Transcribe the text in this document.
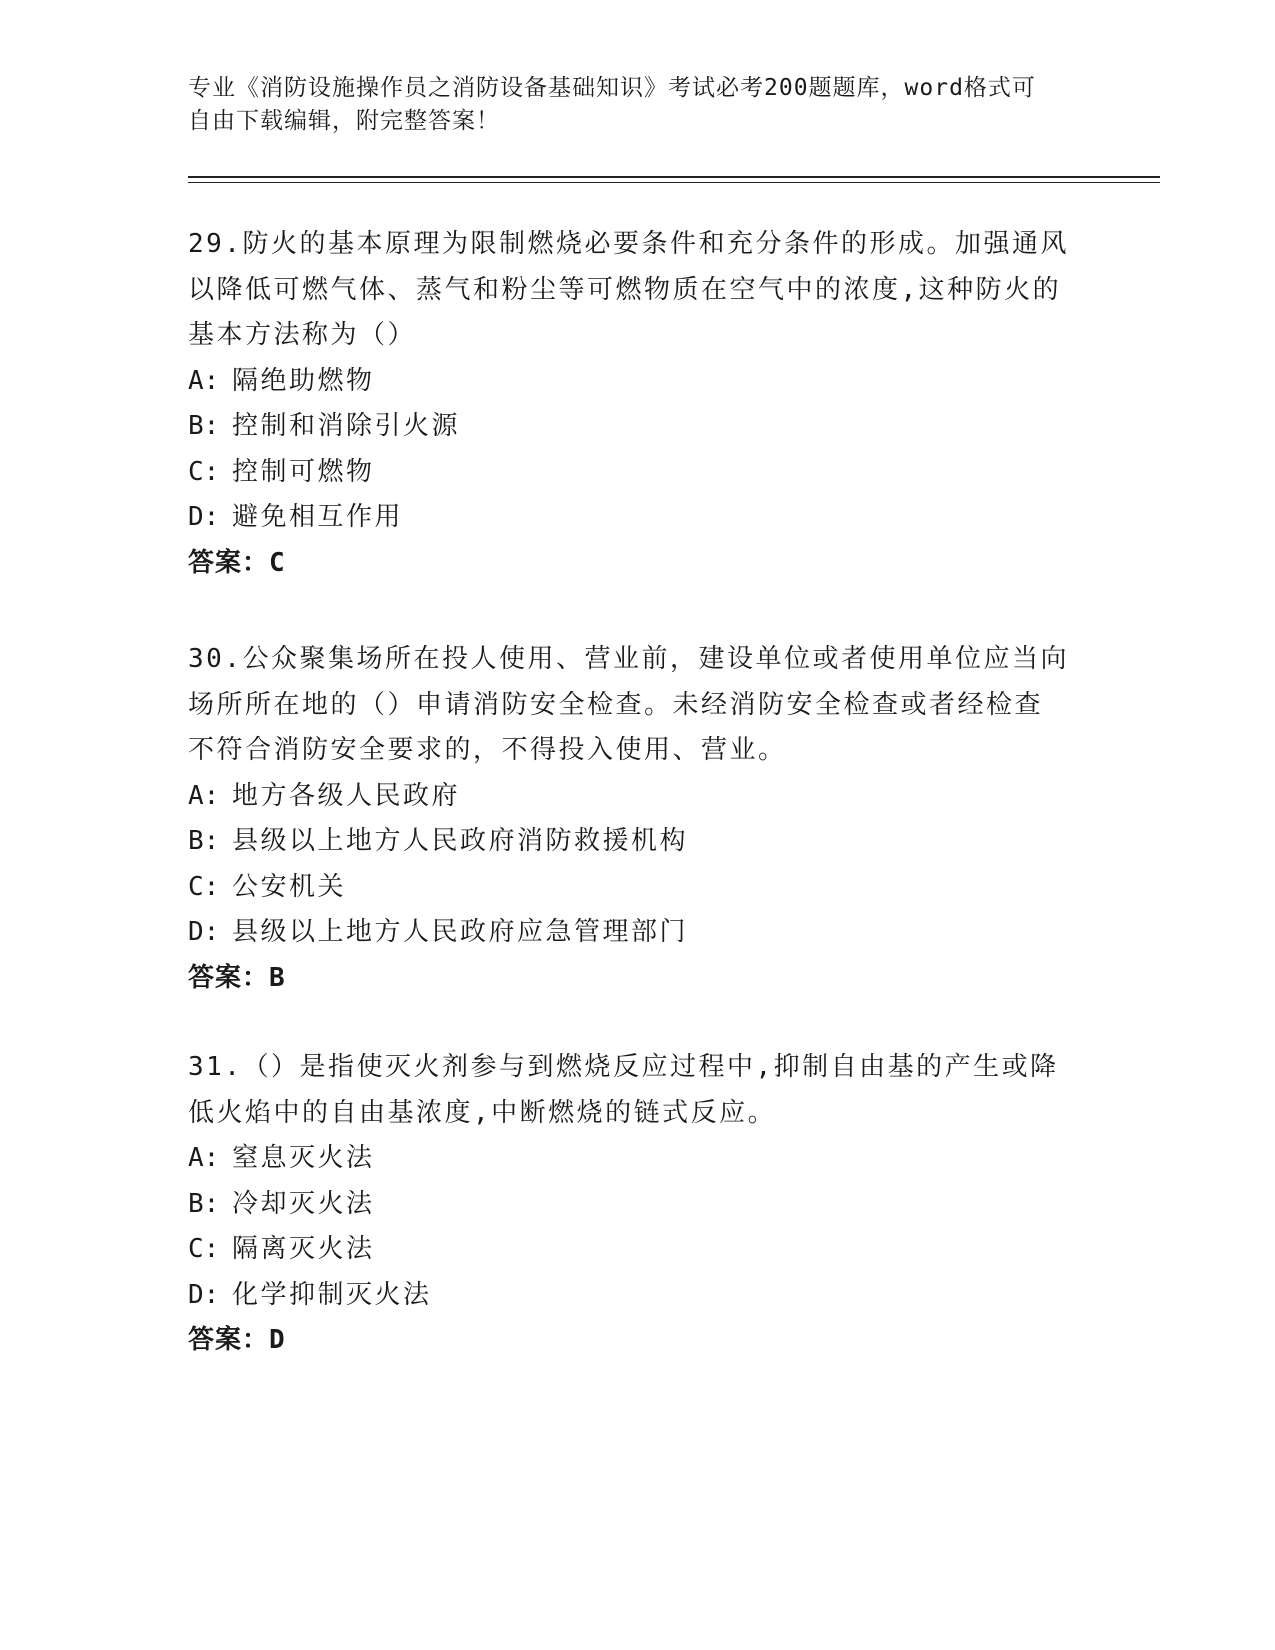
专业《消防设施操作员之消防设备基础知识》考试必考200题题库，word格式可
自由下载编辑，附完整答案！
29.防火的基本原理为限制燃烧必要条件和充分条件的形成。加强通风
以降低可燃气体、蒸气和粉尘等可燃物质在空气中的浓度,这种防火的
基本方法称为（）
A: 隔绝助燃物
B: 控制和消除引火源
C: 控制可燃物
D: 避免相互作用
答案：C
30.公众聚集场所在投人使用、营业前，建设单位或者使用单位应当向
场所所在地的（）申请消防安全检查。未经消防安全检查或者经检查
不符合消防安全要求的，不得投入使用、营业。
A: 地方各级人民政府
B: 县级以上地方人民政府消防救援机构
C: 公安机关
D: 县级以上地方人民政府应急管理部门
答案：B
31.（）是指使灭火剂参与到燃烧反应过程中,抑制自由基的产生或降
低火焰中的自由基浓度,中断燃烧的链式反应。
A: 窒息灭火法
B: 冷却灭火法
C: 隔离灭火法
D: 化学抑制灭火法
答案：D
